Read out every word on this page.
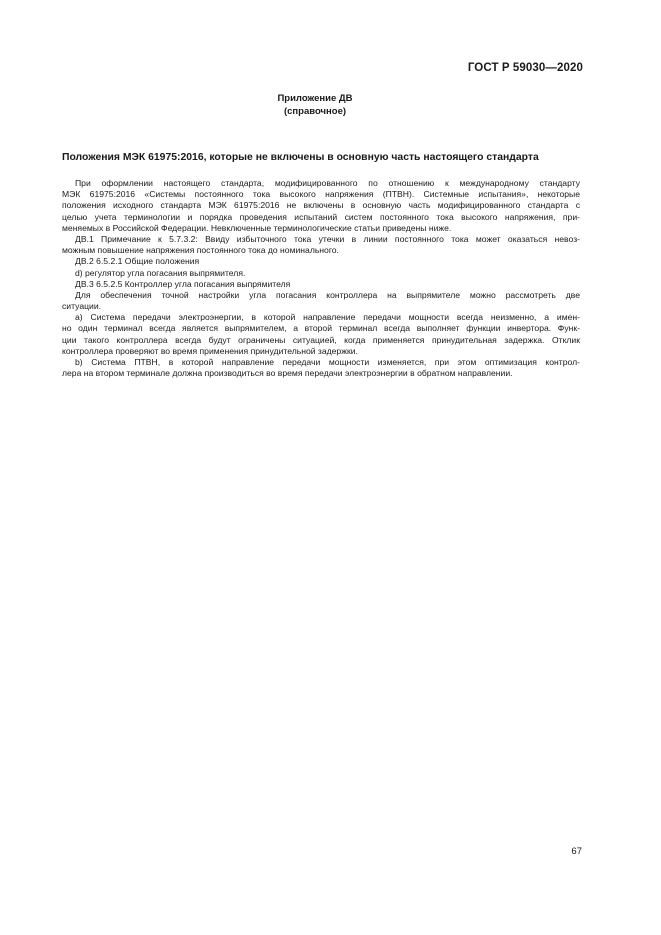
ГОСТ Р 59030—2020
Приложение ДВ
(справочное)
Положения МЭК 61975:2016, которые не включены в основную часть настоящего стандарта
При оформлении настоящего стандарта, модифицированного по отношению к международному стандарту
МЭК 61975:2016 «Системы постоянного тока высокого напряжения (ПТВН). Системные испытания», некоторые
положения исходного стандарта МЭК 61975:2016 не включены в основную часть модифицированного стандарта с
целью учета терминологии и порядка проведения испытаний систем постоянного тока высокого напряжения, при-
меняемых в Российской Федерации. Невключенные терминологические статьи приведены ниже.
ДВ.1 Примечание к 5.7.3.2: Ввиду избыточного тока утечки в линии постоянного тока может оказаться невоз-
можным повышение напряжения постоянного тока до номинального.
ДВ.2 6.5.2.1 Общие положения
d) регулятор угла погасания выпрямителя.
ДВ.3 6.5.2.5 Контроллер угла погасания выпрямителя
Для обеспечения точной настройки угла погасания контроллера на выпрямителе можно рассмотреть две
ситуации.
a) Система передачи электроэнергии, в которой направление передачи мощности всегда неизменно, а имен-
но один терминал всегда является выпрямителем, а второй терминал всегда выполняет функции инвертора. Функ-
ции такого контроллера всегда будут ограничены ситуацией, когда применяется принудительная задержка. Отклик
контроллера проверяют во время применения принудительной задержки.
b) Система ПТВН, в которой направление передачи мощности изменяется, при этом оптимизация контрол-
лера на втором терминале должна производиться во время передачи электроэнергии в обратном направлении.
67
